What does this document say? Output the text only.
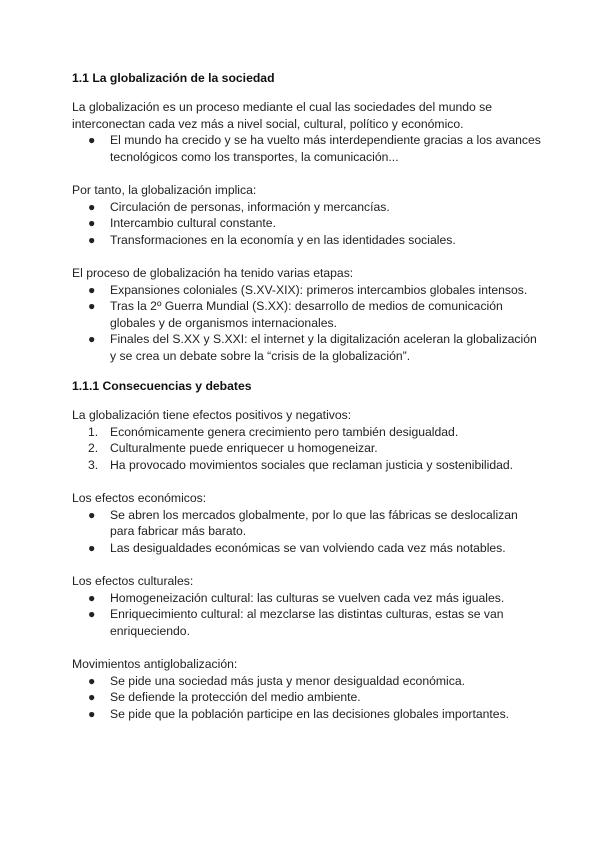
1.1 La globalización de la sociedad

La globalización es un proceso mediante el cual las sociedades del mundo se interconectan cada vez más a nivel social, cultural, político y económico.

● El mundo ha crecido y se ha vuelto más interdependiente gracias a los avances tecnológicos como los transportes, la comunicación...

Por tanto, la globalización implica:

● Circulación de personas, información y mercancías.
● Intercambio cultural constante.
● Transformaciones en la economía y en las identidades sociales.

El proceso de globalización ha tenido varias etapas:

● Expansiones coloniales (S.XV-XIX): primeros intercambios globales intensos.
● Tras la 2º Guerra Mundial (S.XX): desarrollo de medios de comunicación globales y de organismos internacionales.
● Finales del S.XX y S.XXI: el internet y la digitalización aceleran la globalización y se crea un debate sobre la “crisis de la globalización”.
1.1.1 Consecuencias y debates

La globalización tiene efectos positivos y negativos:

1. Económicamente genera crecimiento pero también desigualdad.
2. Culturalmente puede enriquecer u homogeneizar.
3. Ha provocado movimientos sociales que reclaman justicia y sostenibilidad.

Los efectos económicos:

● Se abren los mercados globalmente, por lo que las fábricas se deslocalizan para fabricar más barato.
● Las desigualdades económicas se van volviendo cada vez más notables.

Los efectos culturales:

● Homogeneización cultural: las culturas se vuelven cada vez más iguales.
● Enriquecimiento cultural: al mezclarse las distintas culturas, estas se van enriqueciendo.

Movimientos antiglobalización:

● Se pide una sociedad más justa y menor desigualdad económica.
● Se defiende la protección del medio ambiente.
● Se pide que la población participe en las decisiones globales importantes.
